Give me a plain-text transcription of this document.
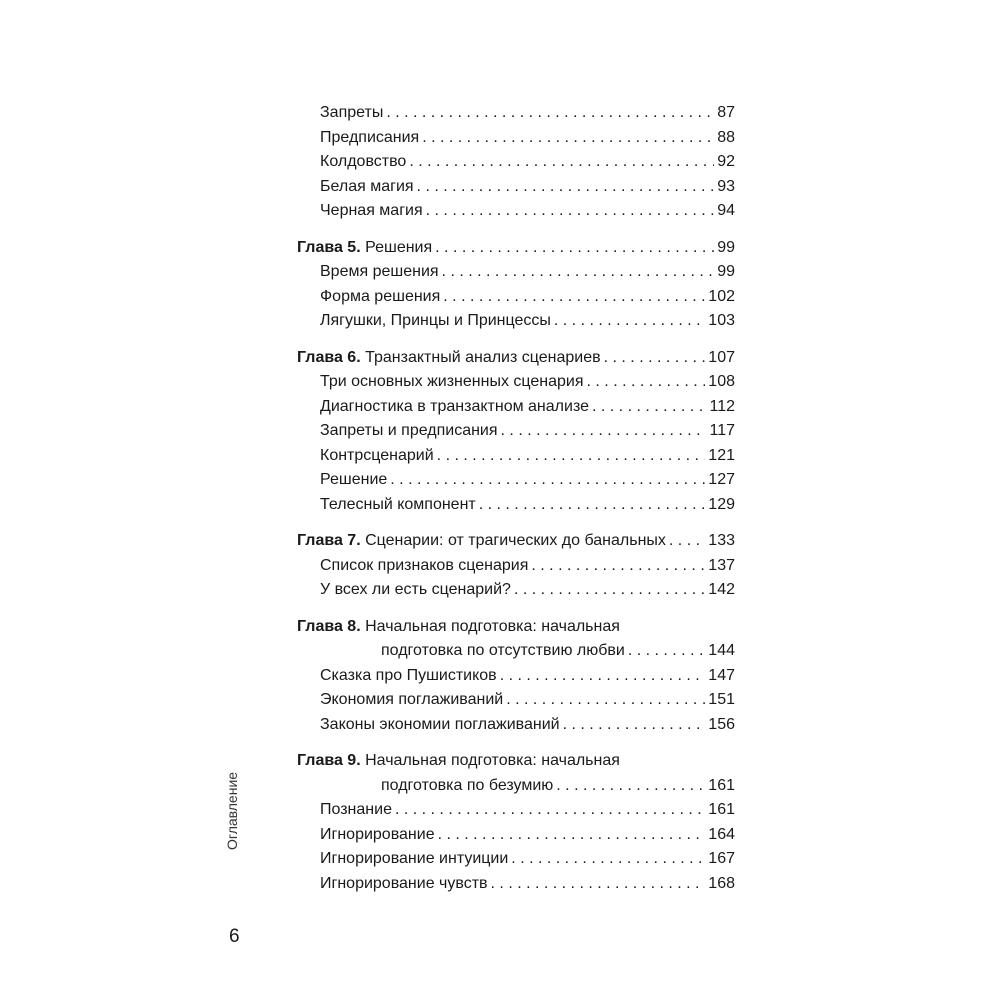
Запреты . . .	87
Предписания . . .	88
Колдовство . . .	92
Белая магия . . .	93
Черная магия . . .	94
Глава 5. Решения . . .	99
Время решения . . .	99
Форма решения . . .	102
Лягушки, Принцы и Принцессы . . .	103
Глава 6. Транзактный анализ сценариев . . .	107
Три основных жизненных сценария . . .	108
Диагностика в транзактном анализе . . .	112
Запреты и предписания . . .	117
Контрсценарий . . .	121
Решение . . .	127
Телесный компонент . . .	129
Глава 7. Сценарии: от трагических до банальных . . .	133
Список признаков сценария . . .	137
У всех ли есть сценарий? . . .	142
Глава 8.
Начальная подготовка: начальная
подготовка по отсутствию любви . . .	144
Сказка про Пушистиков . . .	147
Экономия поглаживаний . . .	151
Законы экономии поглаживаний . . .	156
Глава 9.
Начальная подготовка: начальная
подготовка по безумию . . .	161
Познание . . .	161
Игнорирование . . .	164
Игнорирование интуиции . . .	167
Игнорирование чувств . . .	168
Оглавление
6
